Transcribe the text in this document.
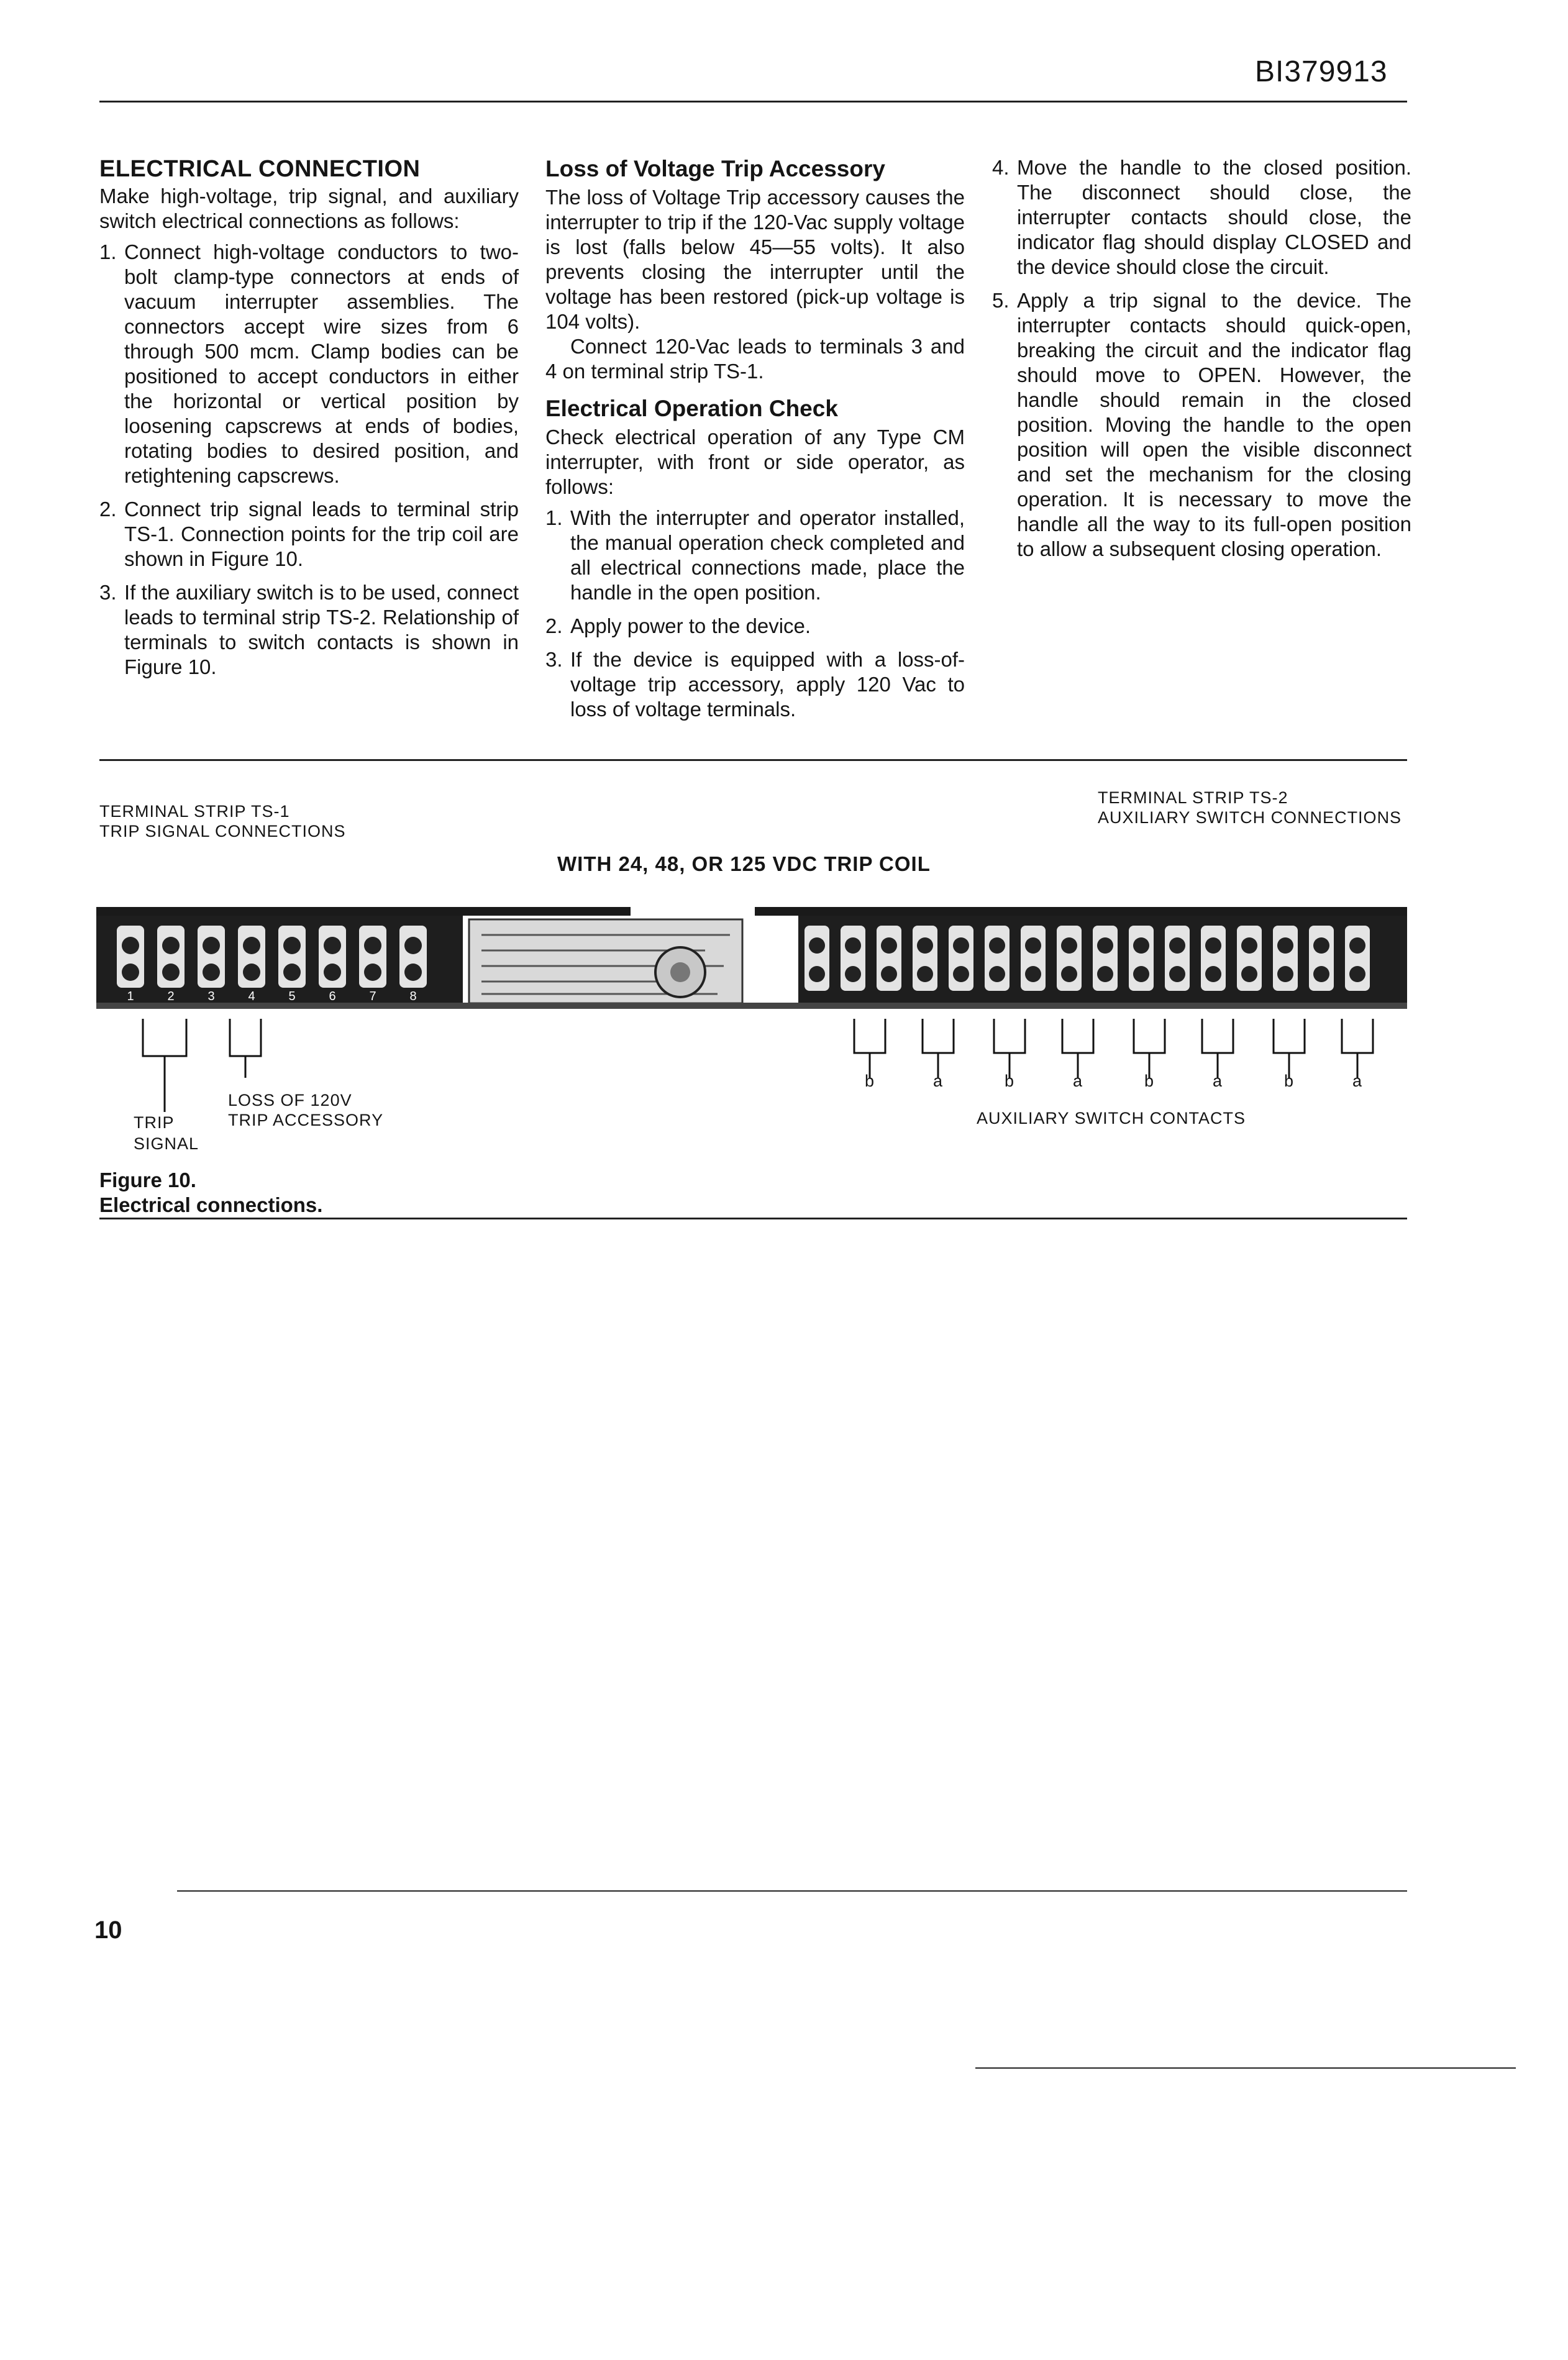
BI379913
ELECTRICAL CONNECTION

Make high-voltage, trip signal, and auxiliary switch electrical connections as follows:

1. Connect high-voltage conductors to two-bolt clamp-type connectors at ends of vacuum interrupter assemblies. The connectors accept wire sizes from 6 through 500 mcm. Clamp bodies can be positioned to accept conductors in either the horizontal or vertical position by loosening capscrews at ends of bodies, rotating bodies to desired position, and retightening capscrews.
2. Connect trip signal leads to terminal strip TS-1. Connection points for the trip coil are shown in Figure 10.
3. If the auxiliary switch is to be used, connect leads to terminal strip TS-2. Relationship of terminals to switch contacts is shown in Figure 10.
Loss of Voltage Trip Accessory

The loss of Voltage Trip accessory causes the interrupter to trip if the 120-Vac supply voltage is lost (falls below 45—55 volts). It also prevents closing the interrupter until the voltage has been restored (pick-up voltage is 104 volts).

Connect 120-Vac leads to terminals 3 and 4 on terminal strip TS-1.

Electrical Operation Check

Check electrical operation of any Type CM interrupter, with front or side operator, as follows:

1. With the interrupter and operator installed, the manual operation check completed and all electrical connections made, place the handle in the open position.
2. Apply power to the device.
3. If the device is equipped with a loss-of-voltage trip accessory, apply 120 Vac to loss of voltage terminals.
4. Move the handle to the closed position. The disconnect should close, the interrupter contacts should close, the indicator flag should display CLOSED and the device should close the circuit.
5. Apply a trip signal to the device. The interrupter contacts should quick-open, breaking the circuit and the indicator flag should move to OPEN. However, the handle should remain in the closed position. Moving the handle to the open position will open the visible disconnect and set the mechanism for the closing operation. It is necessary to move the handle all the way to its full-open position to allow a subsequent closing operation.
TERMINAL STRIP TS-1
TRIP SIGNAL CONNECTIONS
TERMINAL STRIP TS-2
AUXILIARY SWITCH CONNECTIONS
WITH 24, 48, OR 125 VDC TRIP COIL
1	2	3	4	5	6	7	8
LOSS OF 120V
TRIP ACCESSORY
TRIP
SIGNAL
b	a	b	a	b	a	b	a
AUXILIARY SWITCH CONTACTS
Figure 10.
Electrical connections.
10
